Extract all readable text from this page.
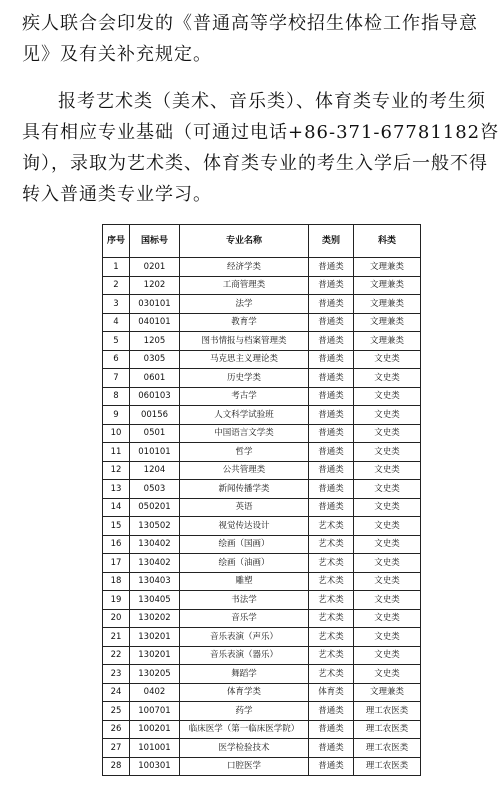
疾人联合会印发的《普通高等学校招生体检工作指导意见》及有关补充规定。

报考艺术类（美术、音乐类）、体育类专业的考生须具有相应专业基础（可通过电话+86-371-67781182咨询），录取为艺术类、体育类专业的考生入学后一般不得转入普通类专业学习。

序号	国标号	专业名称	类别	科类
1	0201	经济学类	普通类	文理兼类
2	1202	工商管理类	普通类	文理兼类
3	030101	法学	普通类	文理兼类
4	040101	教育学	普通类	文理兼类
5	1205	图书情报与档案管理类	普通类	文理兼类
6	0305	马克思主义理论类	普通类	文史类
7	0601	历史学类	普通类	文史类
8	060103	考古学	普通类	文史类
9	00156	人文科学试验班	普通类	文史类
10	0501	中国语言文学类	普通类	文史类
11	010101	哲学	普通类	文史类
12	1204	公共管理类	普通类	文史类
13	0503	新闻传播学类	普通类	文史类
14	050201	英语	普通类	文史类
15	130502	视觉传达设计	艺术类	文史类
16	130402	绘画（国画）	艺术类	文史类
17	130402	绘画（油画）	艺术类	文史类
18	130403	雕塑	艺术类	文史类
19	130405	书法学	艺术类	文史类
20	130202	音乐学	艺术类	文史类
21	130201	音乐表演（声乐）	艺术类	文史类
22	130201	音乐表演（器乐）	艺术类	文史类
23	130205	舞蹈学	艺术类	文史类
24	0402	体育学类	体育类	文理兼类
25	100701	药学	普通类	理工农医类
26	100201	临床医学（第一临床医学院）	普通类	理工农医类
27	101001	医学检验技术	普通类	理工农医类
28	100301	口腔医学	普通类	理工农医类
